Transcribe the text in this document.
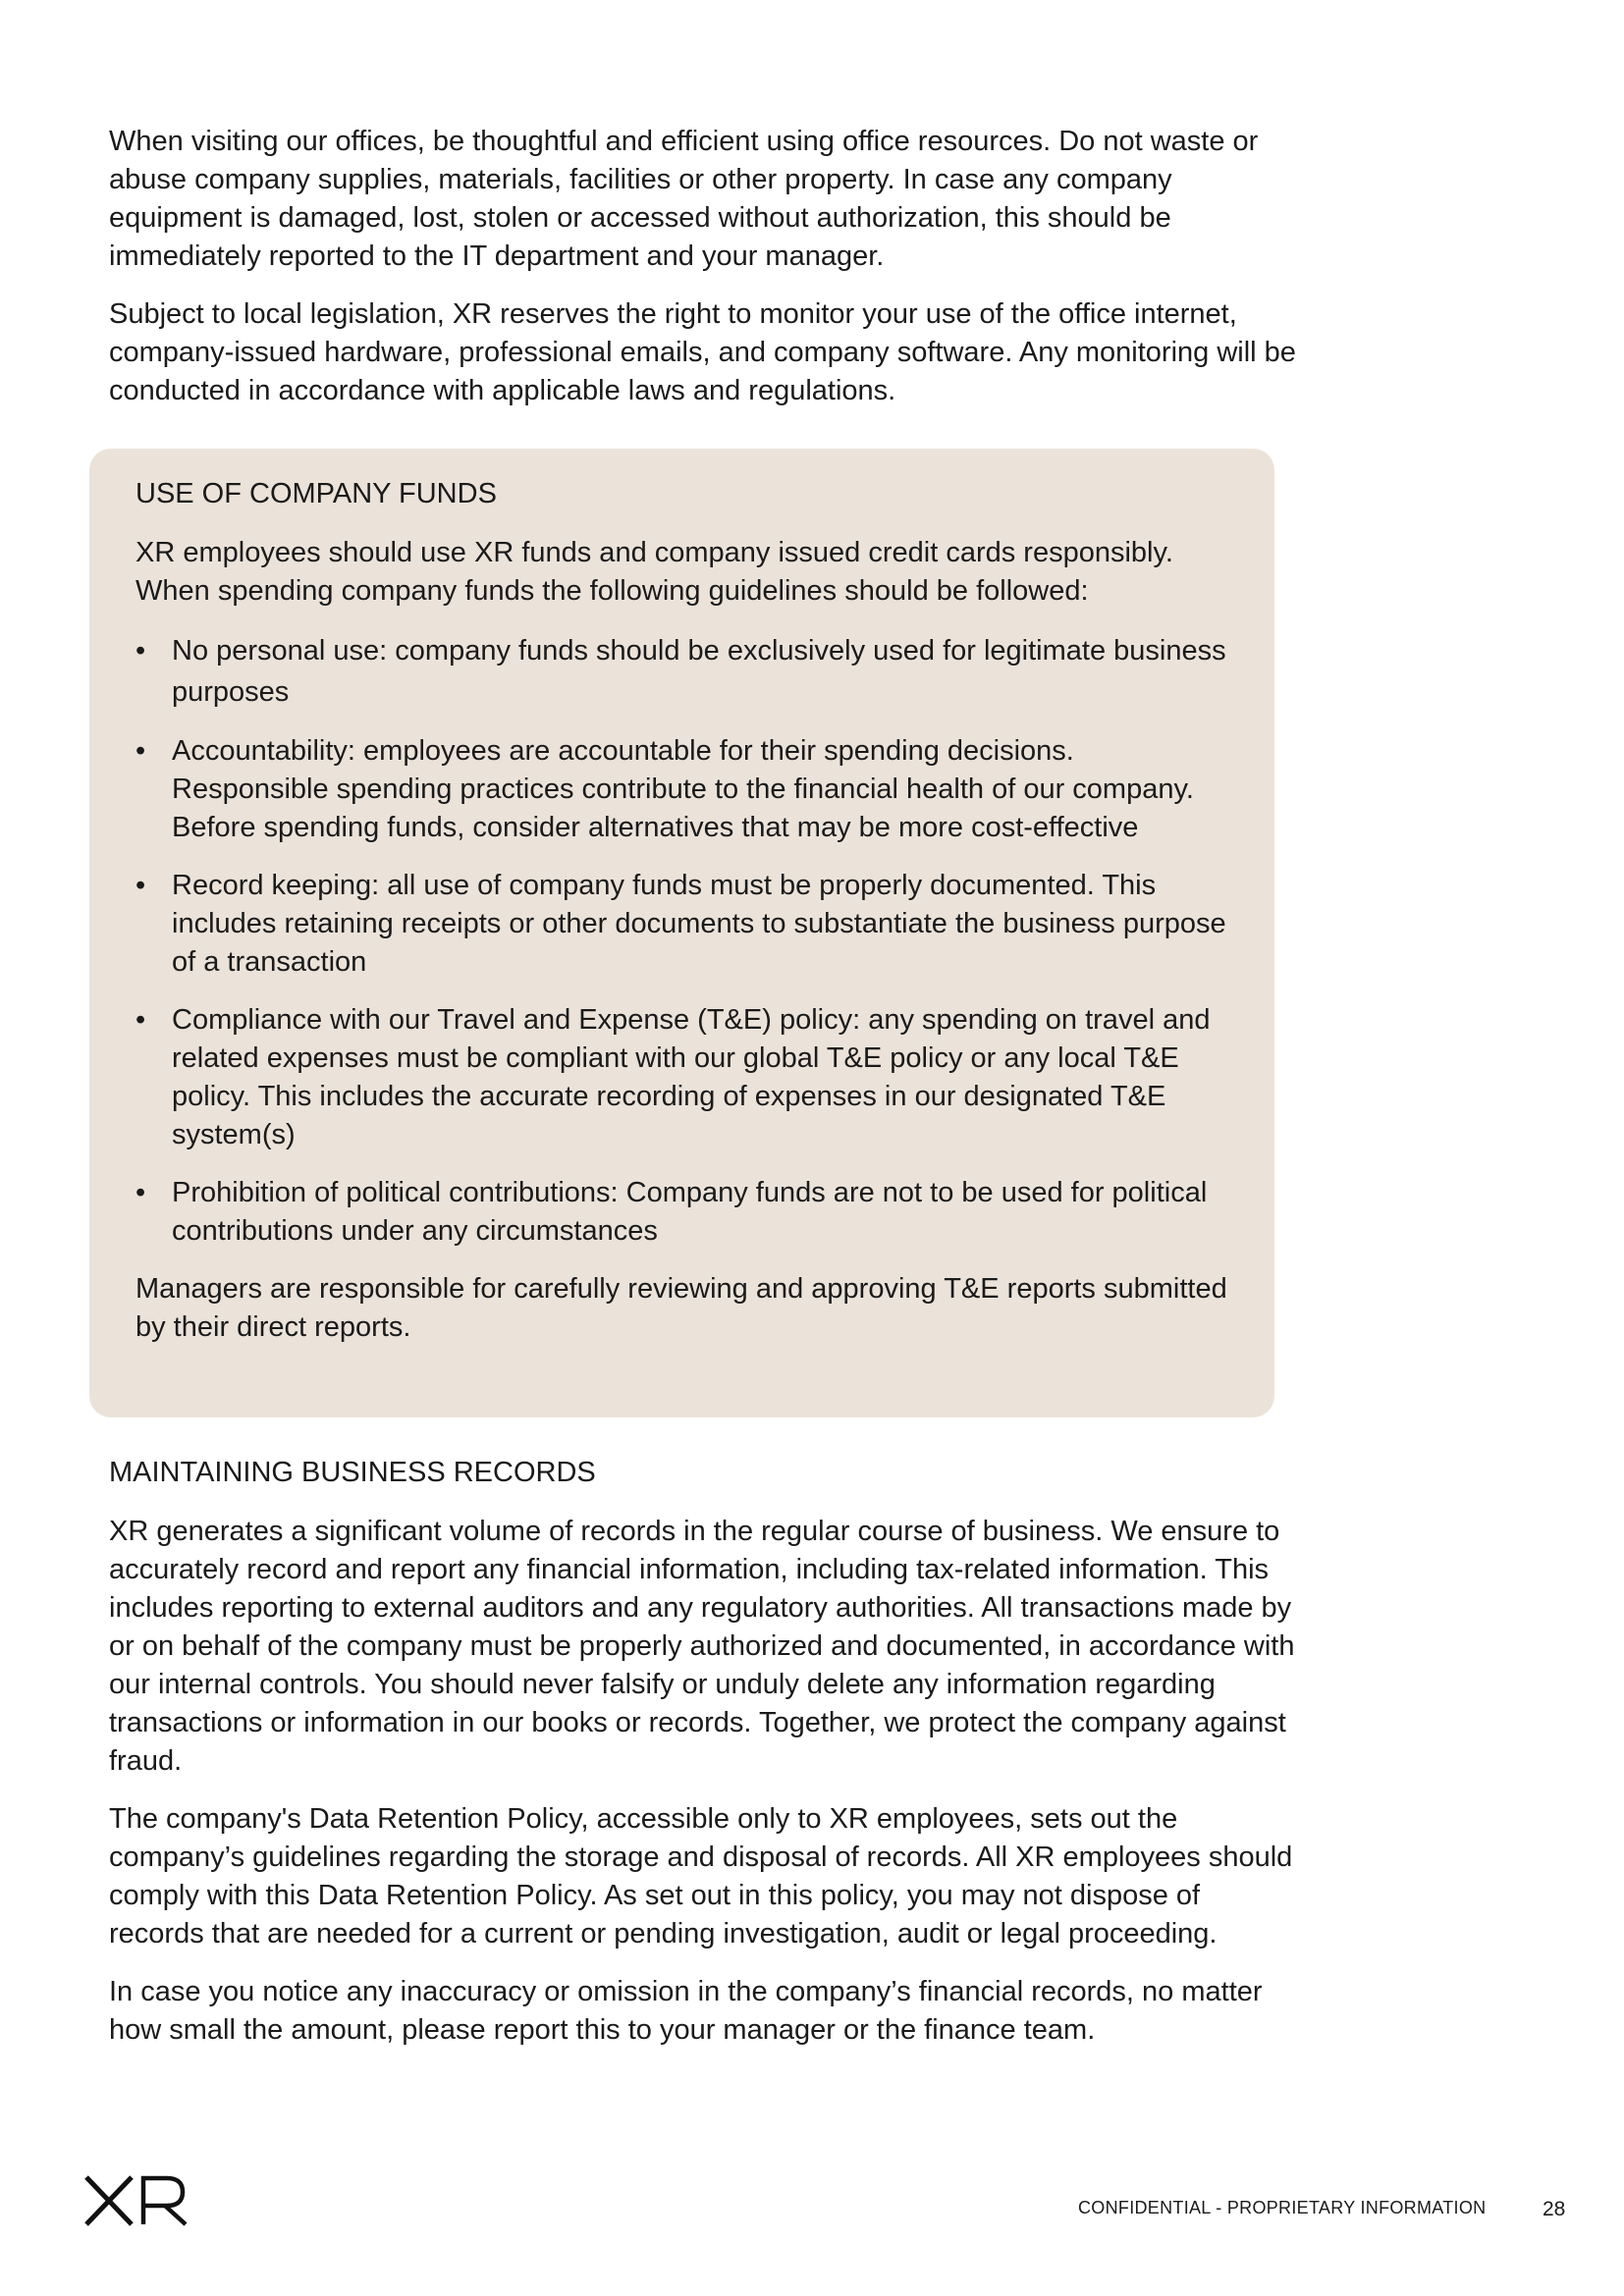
When visiting our offices, be thoughtful and efficient using office resources. Do not waste or abuse company supplies, materials, facilities or other property. In case any company equipment is damaged, lost, stolen or accessed without authorization, this should be immediately reported to the IT department and your manager.

Subject to local legislation, XR reserves the right to monitor your use of the office internet, company-issued hardware, professional emails, and company software. Any monitoring will be conducted in accordance with applicable laws and regulations.

USE OF COMPANY FUNDS

XR employees should use XR funds and company issued credit cards responsibly. When spending company funds the following guidelines should be followed:

• No personal use: company funds should be exclusively used for legitimate business purposes
• Accountability: employees are accountable for their spending decisions. Responsible spending practices contribute to the financial health of our company. Before spending funds, consider alternatives that may be more cost-effective
• Record keeping: all use of company funds must be properly documented. This includes retaining receipts or other documents to substantiate the business purpose of a transaction
• Compliance with our Travel and Expense (T&E) policy: any spending on travel and related expenses must be compliant with our global T&E policy or any local T&E policy. This includes the accurate recording of expenses in our designated T&E system(s)
• Prohibition of political contributions: Company funds are not to be used for political contributions under any circumstances

Managers are responsible for carefully reviewing and approving T&E reports submitted by their direct reports.

MAINTAINING BUSINESS RECORDS

XR generates a significant volume of records in the regular course of business. We ensure to accurately record and report any financial information, including tax-related information. This includes reporting to external auditors and any regulatory authorities. All transactions made by or on behalf of the company must be properly authorized and documented, in accordance with our internal controls. You should never falsify or unduly delete any information regarding transactions or information in our books or records. Together, we protect the company against fraud.

The company's Data Retention Policy, accessible only to XR employees, sets out the company’s guidelines regarding the storage and disposal of records. All XR employees should comply with this Data Retention Policy. As set out in this policy, you may not dispose of records that are needed for a current or pending investigation, audit or legal proceeding.

In case you notice any inaccuracy or omission in the company’s financial records, no matter how small the amount, please report this to your manager or the finance team.

CONFIDENTIAL - PROPRIETARY INFORMATION	28
